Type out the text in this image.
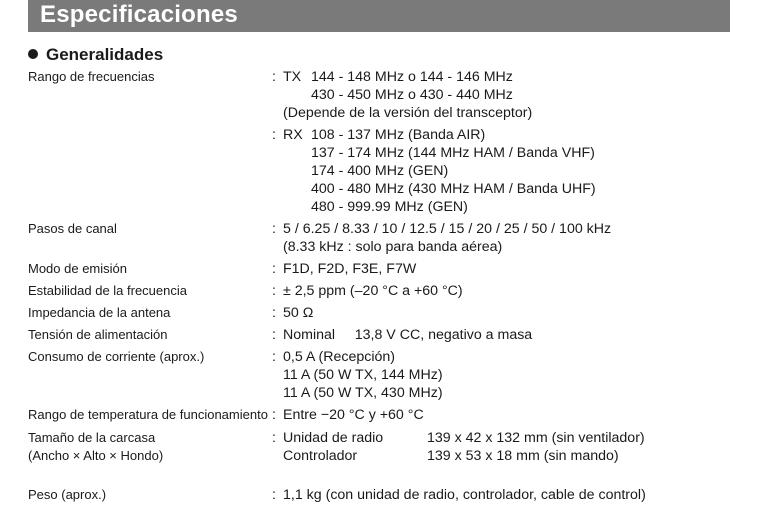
Especificaciones
Generalidades
Rango de frecuencias	: TX 144 - 148 MHz o 144 - 146 MHz
430 - 450 MHz o 430 - 440 MHz
(Depende de la versión del transceptor)
: RX 108 - 137 MHz (Banda AIR)
137 - 174 MHz (144 MHz HAM / Banda VHF)
174 - 400 MHz (GEN)
400 - 480 MHz (430 MHz HAM / Banda UHF)
480 - 999.99 MHz (GEN)
Pasos de canal	: 5 / 6.25 / 8.33 / 10 / 12.5 / 15 / 20 / 25 / 50 / 100 kHz
(8.33 kHz : solo para banda aérea)
Modo de emisión	: F1D, F2D, F3E, F7W
Estabilidad de la frecuencia	: ± 2,5 ppm (–20 °C a +60 °C)
Impedancia de la antena	: 50 Ω
Tensión de alimentación	: Nominal     13,8 V CC, negativo a masa
Consumo de corriente (aprox.)	: 0,5 A (Recepción)
11 A (50 W TX, 144 MHz)
11 A (50 W TX, 430 MHz)
Rango de temperatura de funcionamiento : Entre −20 °C y +60 °C
Tamaño de la carcasa
(Ancho × Alto × Hondo)
: Unidad de radio	139 x 42 x 132 mm (sin ventilador)
Controlador	139 x 53 x 18 mm (sin mando)
Peso (aprox.)	: 1,1 kg (con unidad de radio, controlador, cable de control)
